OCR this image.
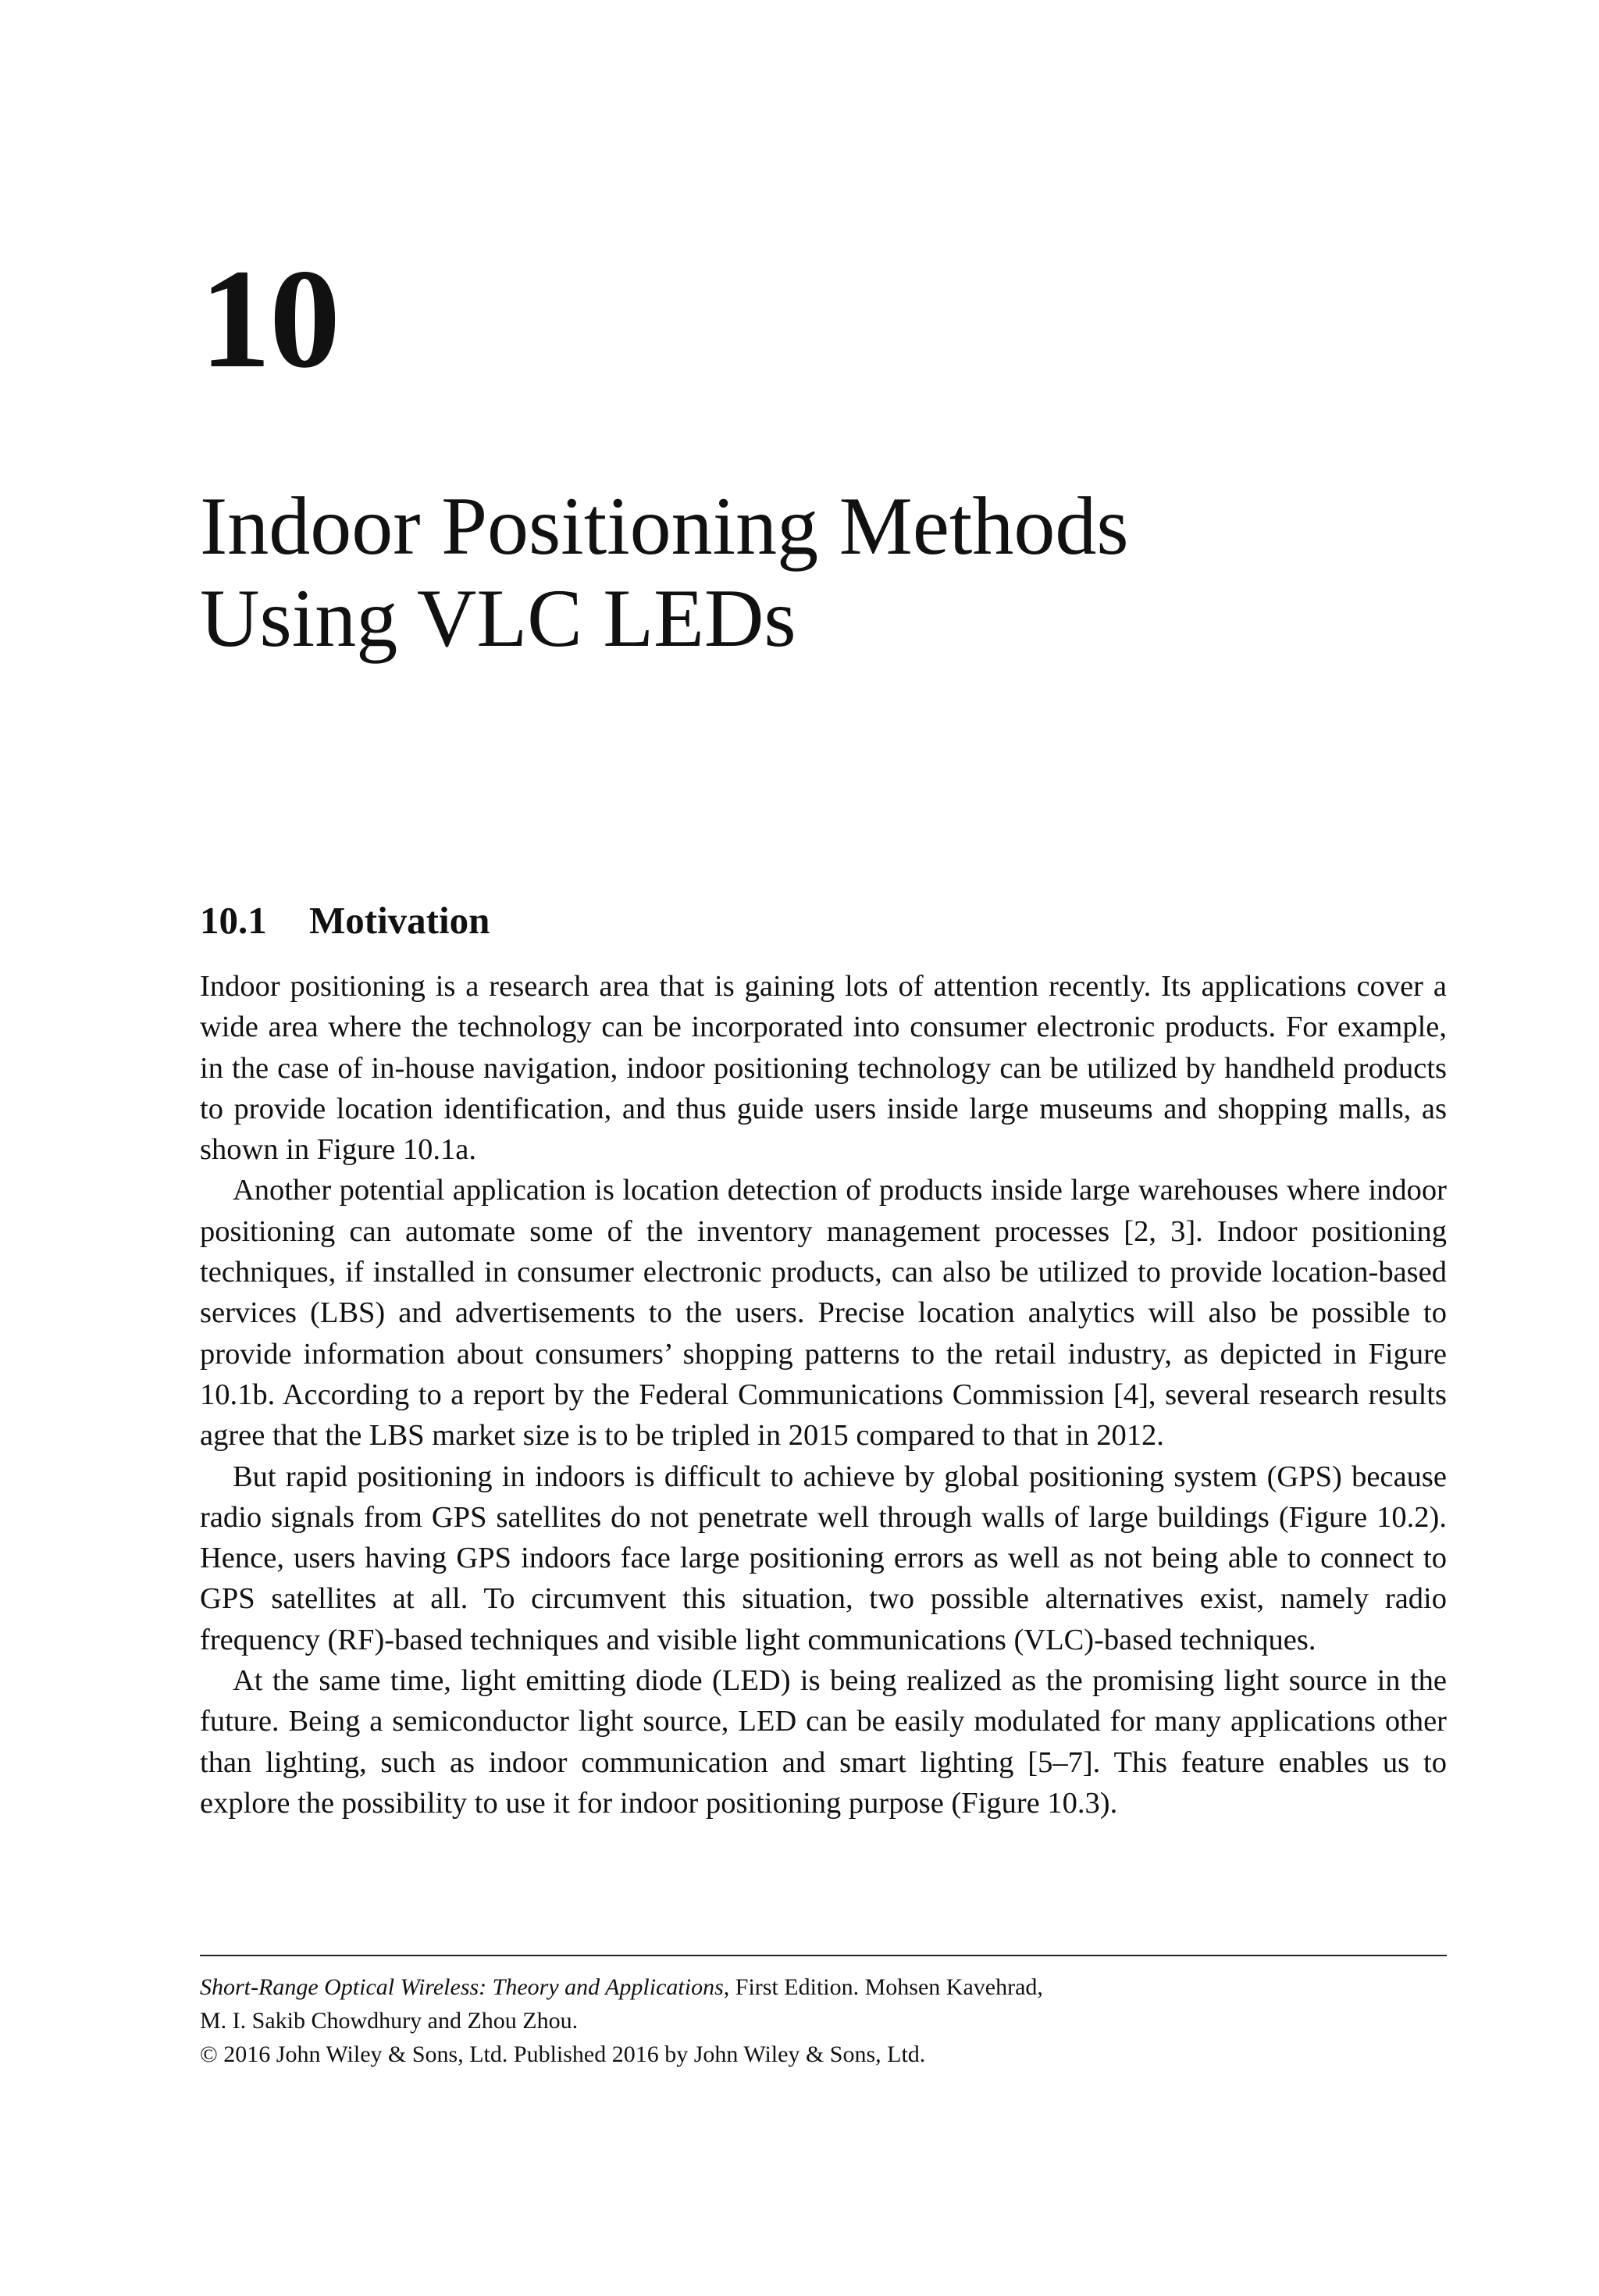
10
Indoor Positioning Methods
Using VLC LEDs
10.1 Motivation

Indoor positioning is a research area that is gaining lots of attention recently. Its applications cover a wide area where the technology can be incorporated into consumer electronic products. For example, in the case of in-house navigation, indoor positioning technology can be utilized by handheld products to provide location identification, and thus guide users inside large museums and shopping malls, as shown in Figure 10.1a.

Another potential application is location detection of products inside large warehouses where indoor positioning can automate some of the inventory management processes [2, 3]. Indoor positioning techniques, if installed in consumer electronic products, can also be utilized to provide location-based services (LBS) and advertisements to the users. Precise location analytics will also be possible to provide information about consumers’ shopping patterns to the retail industry, as depicted in Figure 10.1b. According to a report by the Federal Communications Commission [4], several research results agree that the LBS market size is to be tripled in 2015 compared to that in 2012.

But rapid positioning in indoors is difficult to achieve by global positioning system (GPS) because radio signals from GPS satellites do not penetrate well through walls of large buildings (Figure 10.2). Hence, users having GPS indoors face large positioning errors as well as not being able to connect to GPS satellites at all. To circumvent this situation, two possible alternatives exist, namely radio frequency (RF)-based techniques and visible light communications (VLC)-based techniques.

At the same time, light emitting diode (LED) is being realized as the promising light source in the future. Being a semiconductor light source, LED can be easily modulated for many applications other than lighting, such as indoor communication and smart lighting [5–7]. This feature enables us to explore the possibility to use it for indoor positioning purpose (Figure 10.3).

Short-Range Optical Wireless: Theory and Applications, First Edition. Mohsen Kavehrad,
M. I. Sakib Chowdhury and Zhou Zhou.
© 2016 John Wiley & Sons, Ltd. Published 2016 by John Wiley & Sons, Ltd.
